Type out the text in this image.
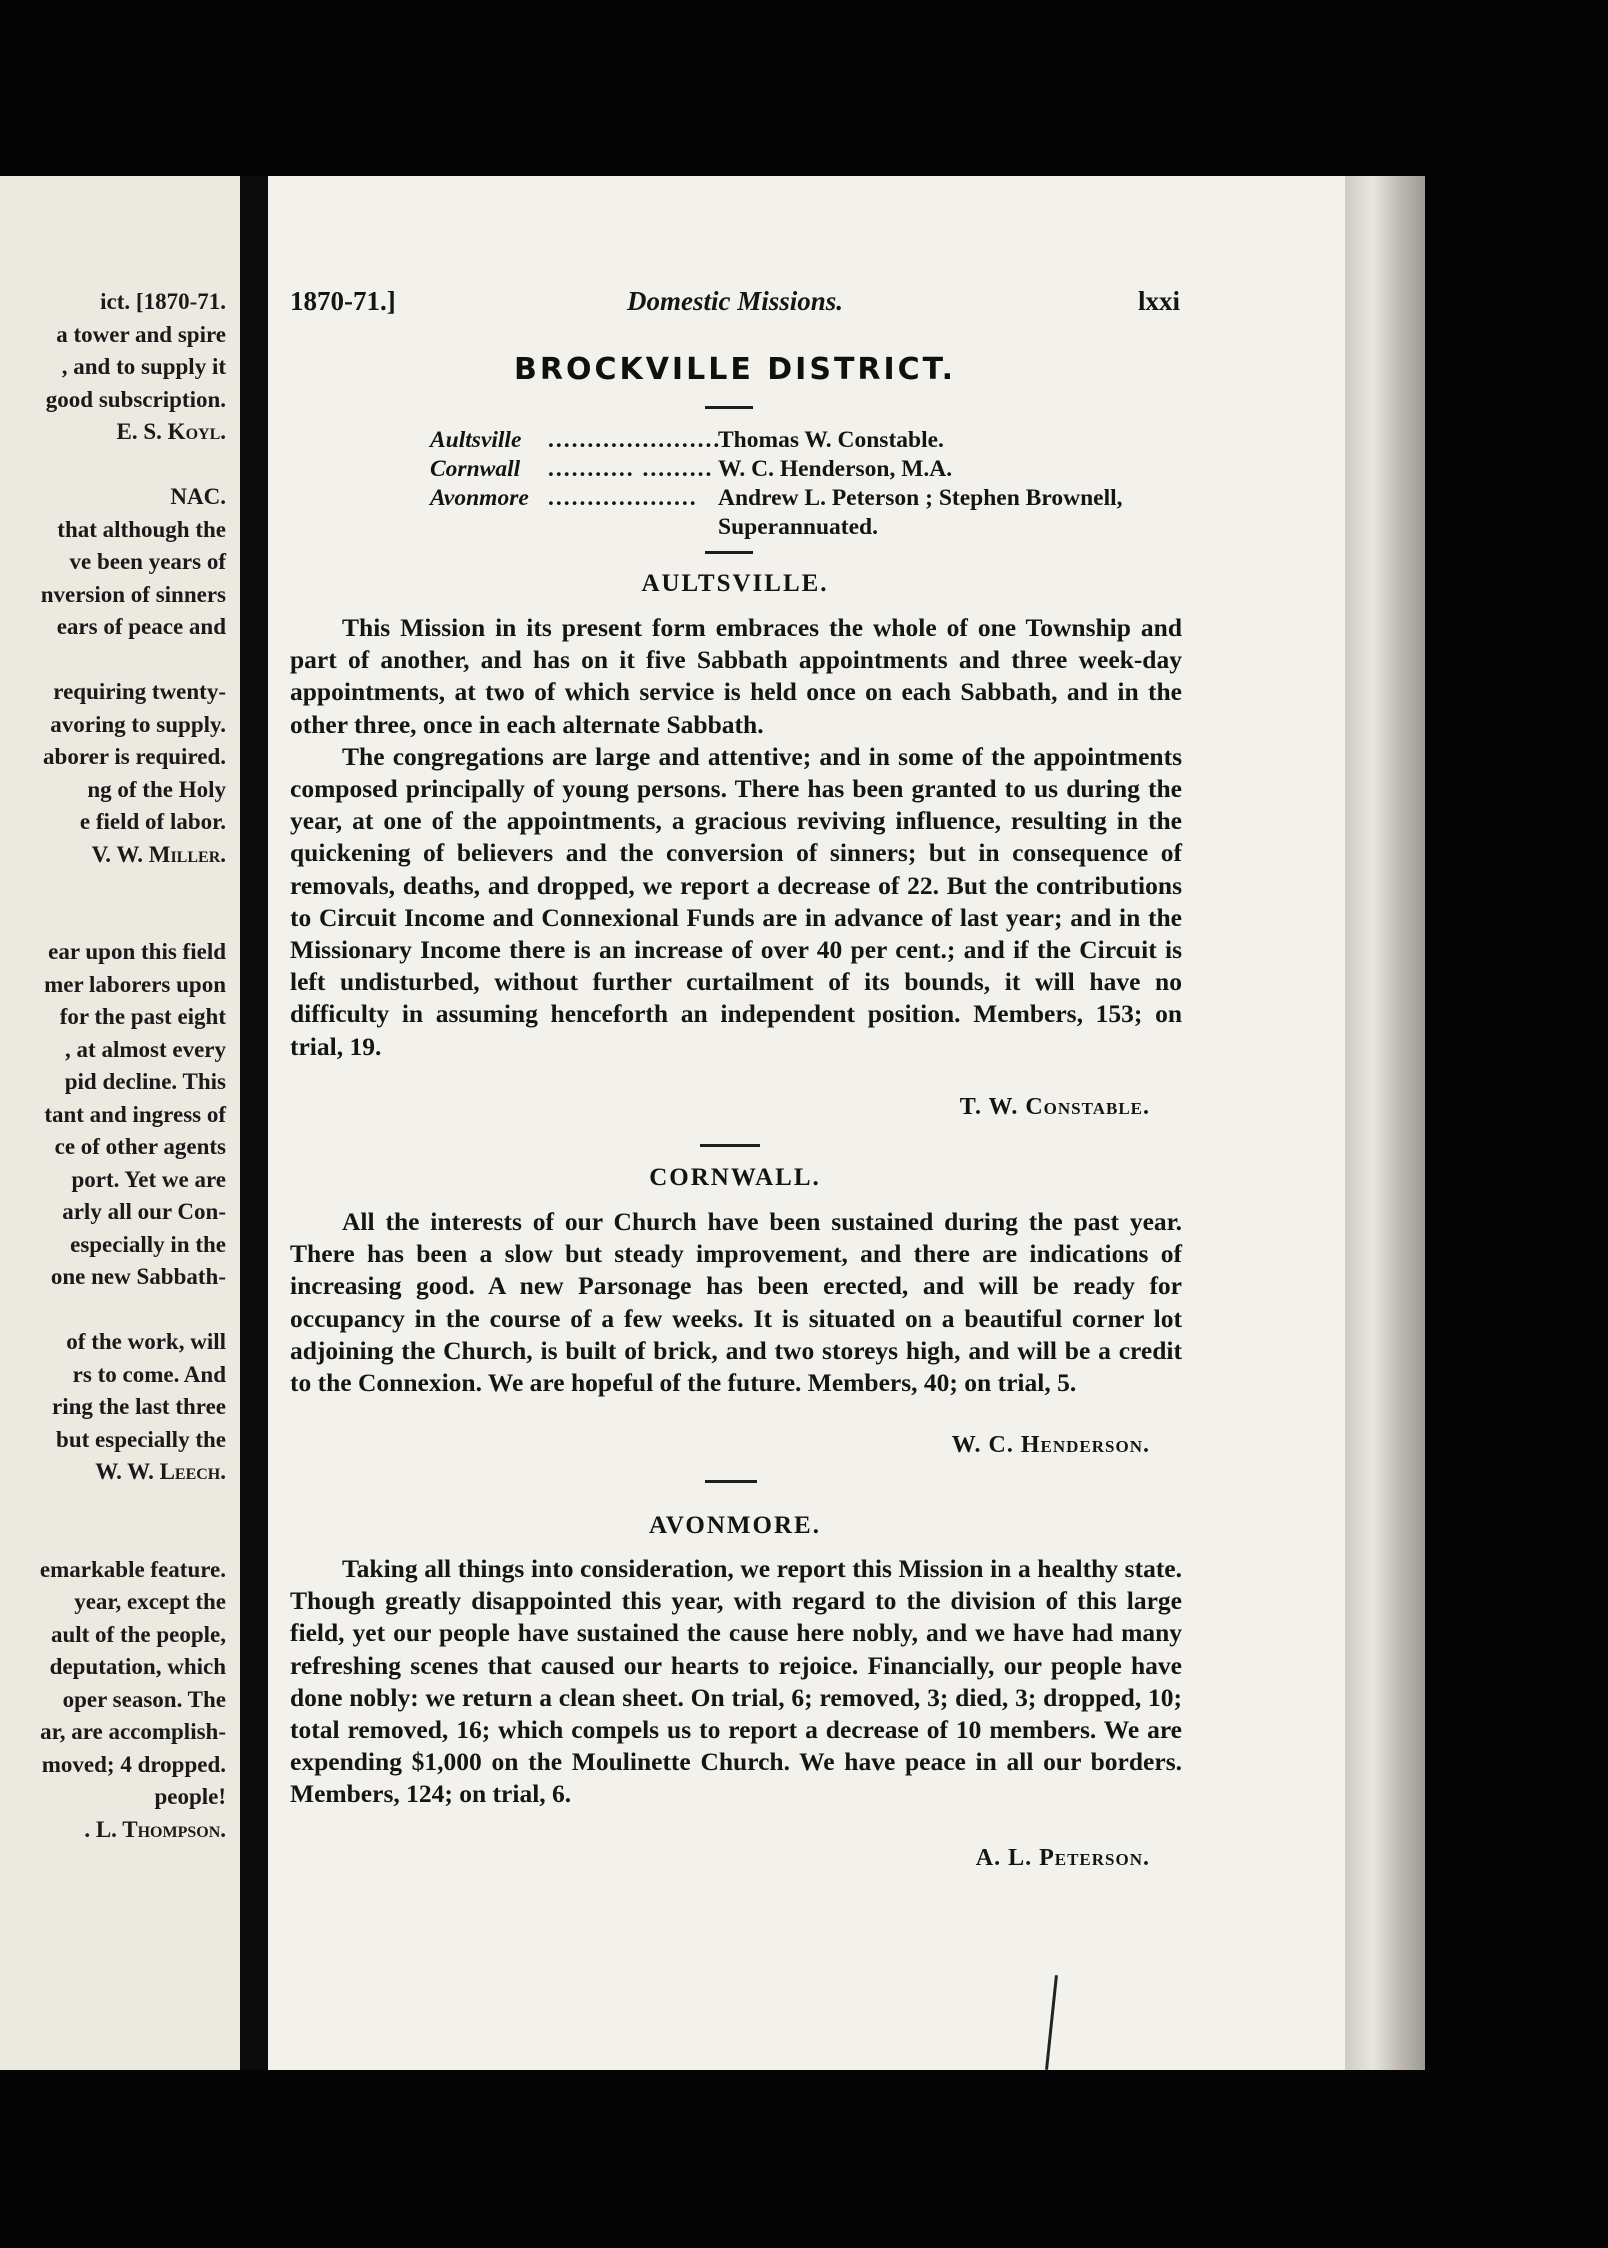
ict. [1870-71.
a tower and spire
, and to supply it
good subscription.
E. S. Koyl.

NAC.
that although the
ve been years of
nversion of sinners
ears of peace and

requiring twenty-
avoring to supply.
aborer is required.
ng of the Holy
e field of labor.
V. W. Miller.

ear upon this field
mer laborers upon
for the past eight
, at almost every
pid decline. This
tant and ingress of
ce of other agents
port. Yet we are
arly all our Con-
especially in the
one new Sabbath-

of the work, will
rs to come. And
ring the last three
but especially the
W. W. Leech.

emarkable feature.
year, except the
ault of the people,
deputation, which
oper season. The
ar, are accomplish-
moved; 4 dropped.
people!
. L. Thompson.
1870-71.]	Domestic Missions.	lxxi
BROCKVILLE DISTRICT.
Aultsville ......................
Thomas W. Constable.
Cornwall ........... ......... W. C. Henderson, M.A.
Avonmore ................... Andrew L. Peterson ; Stephen Brownell,
Superannuated.
AULTSVILLE.
This Mission in its present form embraces the whole of one Township and part of another, and has on it five Sabbath appointments and three week-day appointments, at two of which service is held once on each Sabbath, and in the other three, once in each alternate Sabbath.
The congregations are large and attentive; and in some of the appointments composed principally of young persons. There has been granted to us during the year, at one of the appointments, a gracious reviving influence, resulting in the quickening of believers and the conversion of sinners; but in consequence of removals, deaths, and dropped, we report a decrease of 22. But the contributions to Circuit Income and Connexional Funds are in advance of last year; and in the Missionary Income there is an increase of over 40 per cent.; and if the Circuit is left undisturbed, without further curtailment of its bounds, it will have no difficulty in assuming henceforth an independent position. Members, 153; on trial, 19.
T. W. Constable.
CORNWALL.
All the interests of our Church have been sustained during the past year. There has been a slow but steady improvement, and there are indications of increasing good. A new Parsonage has been erected, and will be ready for occupancy in the course of a few weeks. It is situated on a beautiful corner lot adjoining the Church, is built of brick, and two storeys high, and will be a credit to the Connexion. We are hopeful of the future. Members, 40; on trial, 5.
W. C. Henderson.
AVONMORE.
Taking all things into consideration, we report this Mission in a healthy state. Though greatly disappointed this year, with regard to the division of this large field, yet our people have sustained the cause here nobly, and we have had many refreshing scenes that caused our hearts to rejoice. Financially, our people have done nobly: we return a clean sheet. On trial, 6; removed, 3; died, 3; dropped, 10; total removed, 16; which compels us to report a decrease of 10 members. We are expending $1,000 on the Moulinette Church. We have peace in all our borders. Members, 124; on trial, 6.
A. L. Peterson.
